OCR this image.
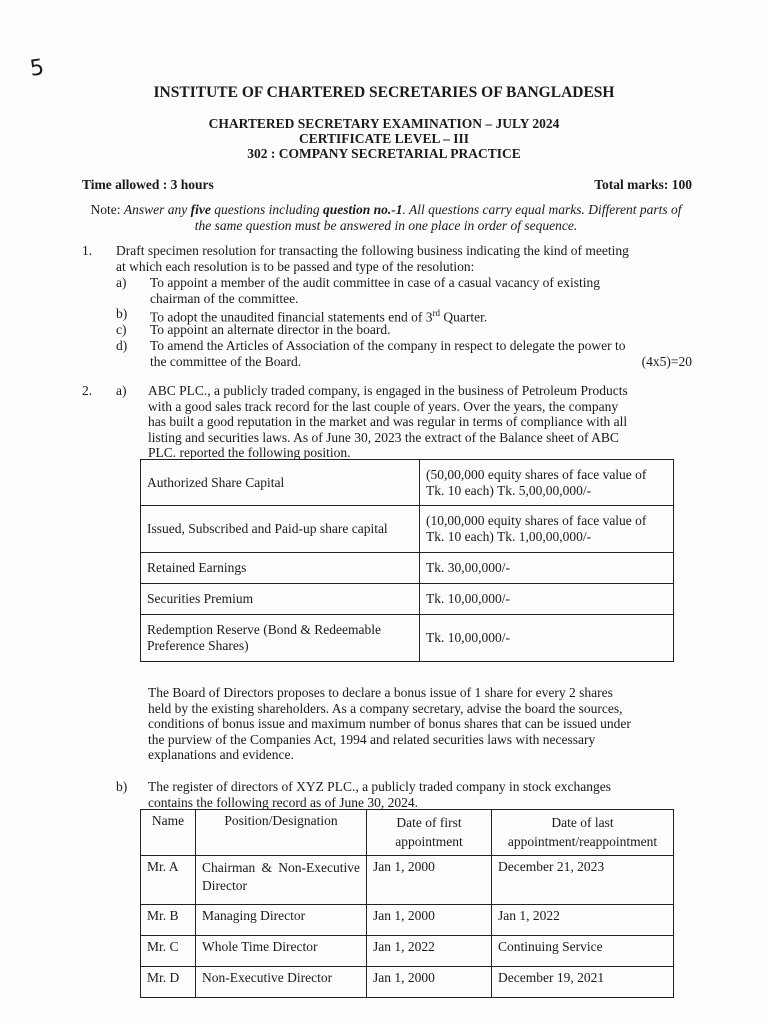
5
INSTITUTE OF CHARTERED SECRETARIES OF BANGLADESH
CHARTERED SECRETARY EXAMINATION – JULY 2024
CERTIFICATE LEVEL – III
302 : COMPANY SECRETARIAL PRACTICE
Time allowed : 3 hours	Total marks: 100
Note: Answer any five questions including question no.-1. All questions carry equal marks. Different parts of the same question must be answered in one place in order of sequence.
1. Draft specimen resolution for transacting the following business indicating the kind of meeting
at which each resolution is to be passed and type of the resolution:
a) To appoint a member of the audit committee in case of a casual vacancy of existing
chairman of the committee.
b) To adopt the unaudited financial statements end of 3rd Quarter.
c) To appoint an alternate director in the board.
d) To amend the Articles of Association of the company in respect to delegate the power to
the committee of the Board.	(4x5)=20
2. a) ABC PLC., a publicly traded company, is engaged in the business of Petroleum Products
with a good sales track record for the last couple of years. Over the years, the company
has built a good reputation in the market and was regular in terms of compliance with all
listing and securities laws. As of June 30, 2023 the extract of the Balance sheet of ABC
PLC. reported the following position.
Authorized Share Capital	(50,00,000 equity shares of face value of
Tk. 10 each) Tk. 5,00,00,000/-

Issued, Subscribed and Paid-up share capital	(10,00,000 equity shares of face value of
Tk. 10 each) Tk. 1,00,00,000/-

Retained Earnings	Tk. 30,00,000/-
Securities Premium	Tk. 10,00,000/-

Redemption Reserve (Bond & Redeemable
Preference Shares)	Tk. 10,00,000/-
The Board of Directors proposes to declare a bonus issue of 1 share for every 2 shares
held by the existing shareholders. As a company secretary, advise the board the sources,
conditions of bonus issue and maximum number of bonus shares that can be issued under
the purview of the Companies Act, 1994 and related securities laws with necessary
explanations and evidence.
b) The register of directors of XYZ PLC., a publicly traded company in stock exchanges
contains the following record as of June 30, 2024.
Name	Position/Designation	Date of first appointment	Date of last appointment/reappointment
Mr. A	Chairman & Non-Executive Director	Jan 1, 2000	December 21, 2023
Mr. B	Managing Director	Jan 1, 2000	Jan 1, 2022
Mr. C	Whole Time Director	Jan 1, 2022	Continuing Service
Mr. D	Non-Executive Director	Jan 1, 2000	December 19, 2021
